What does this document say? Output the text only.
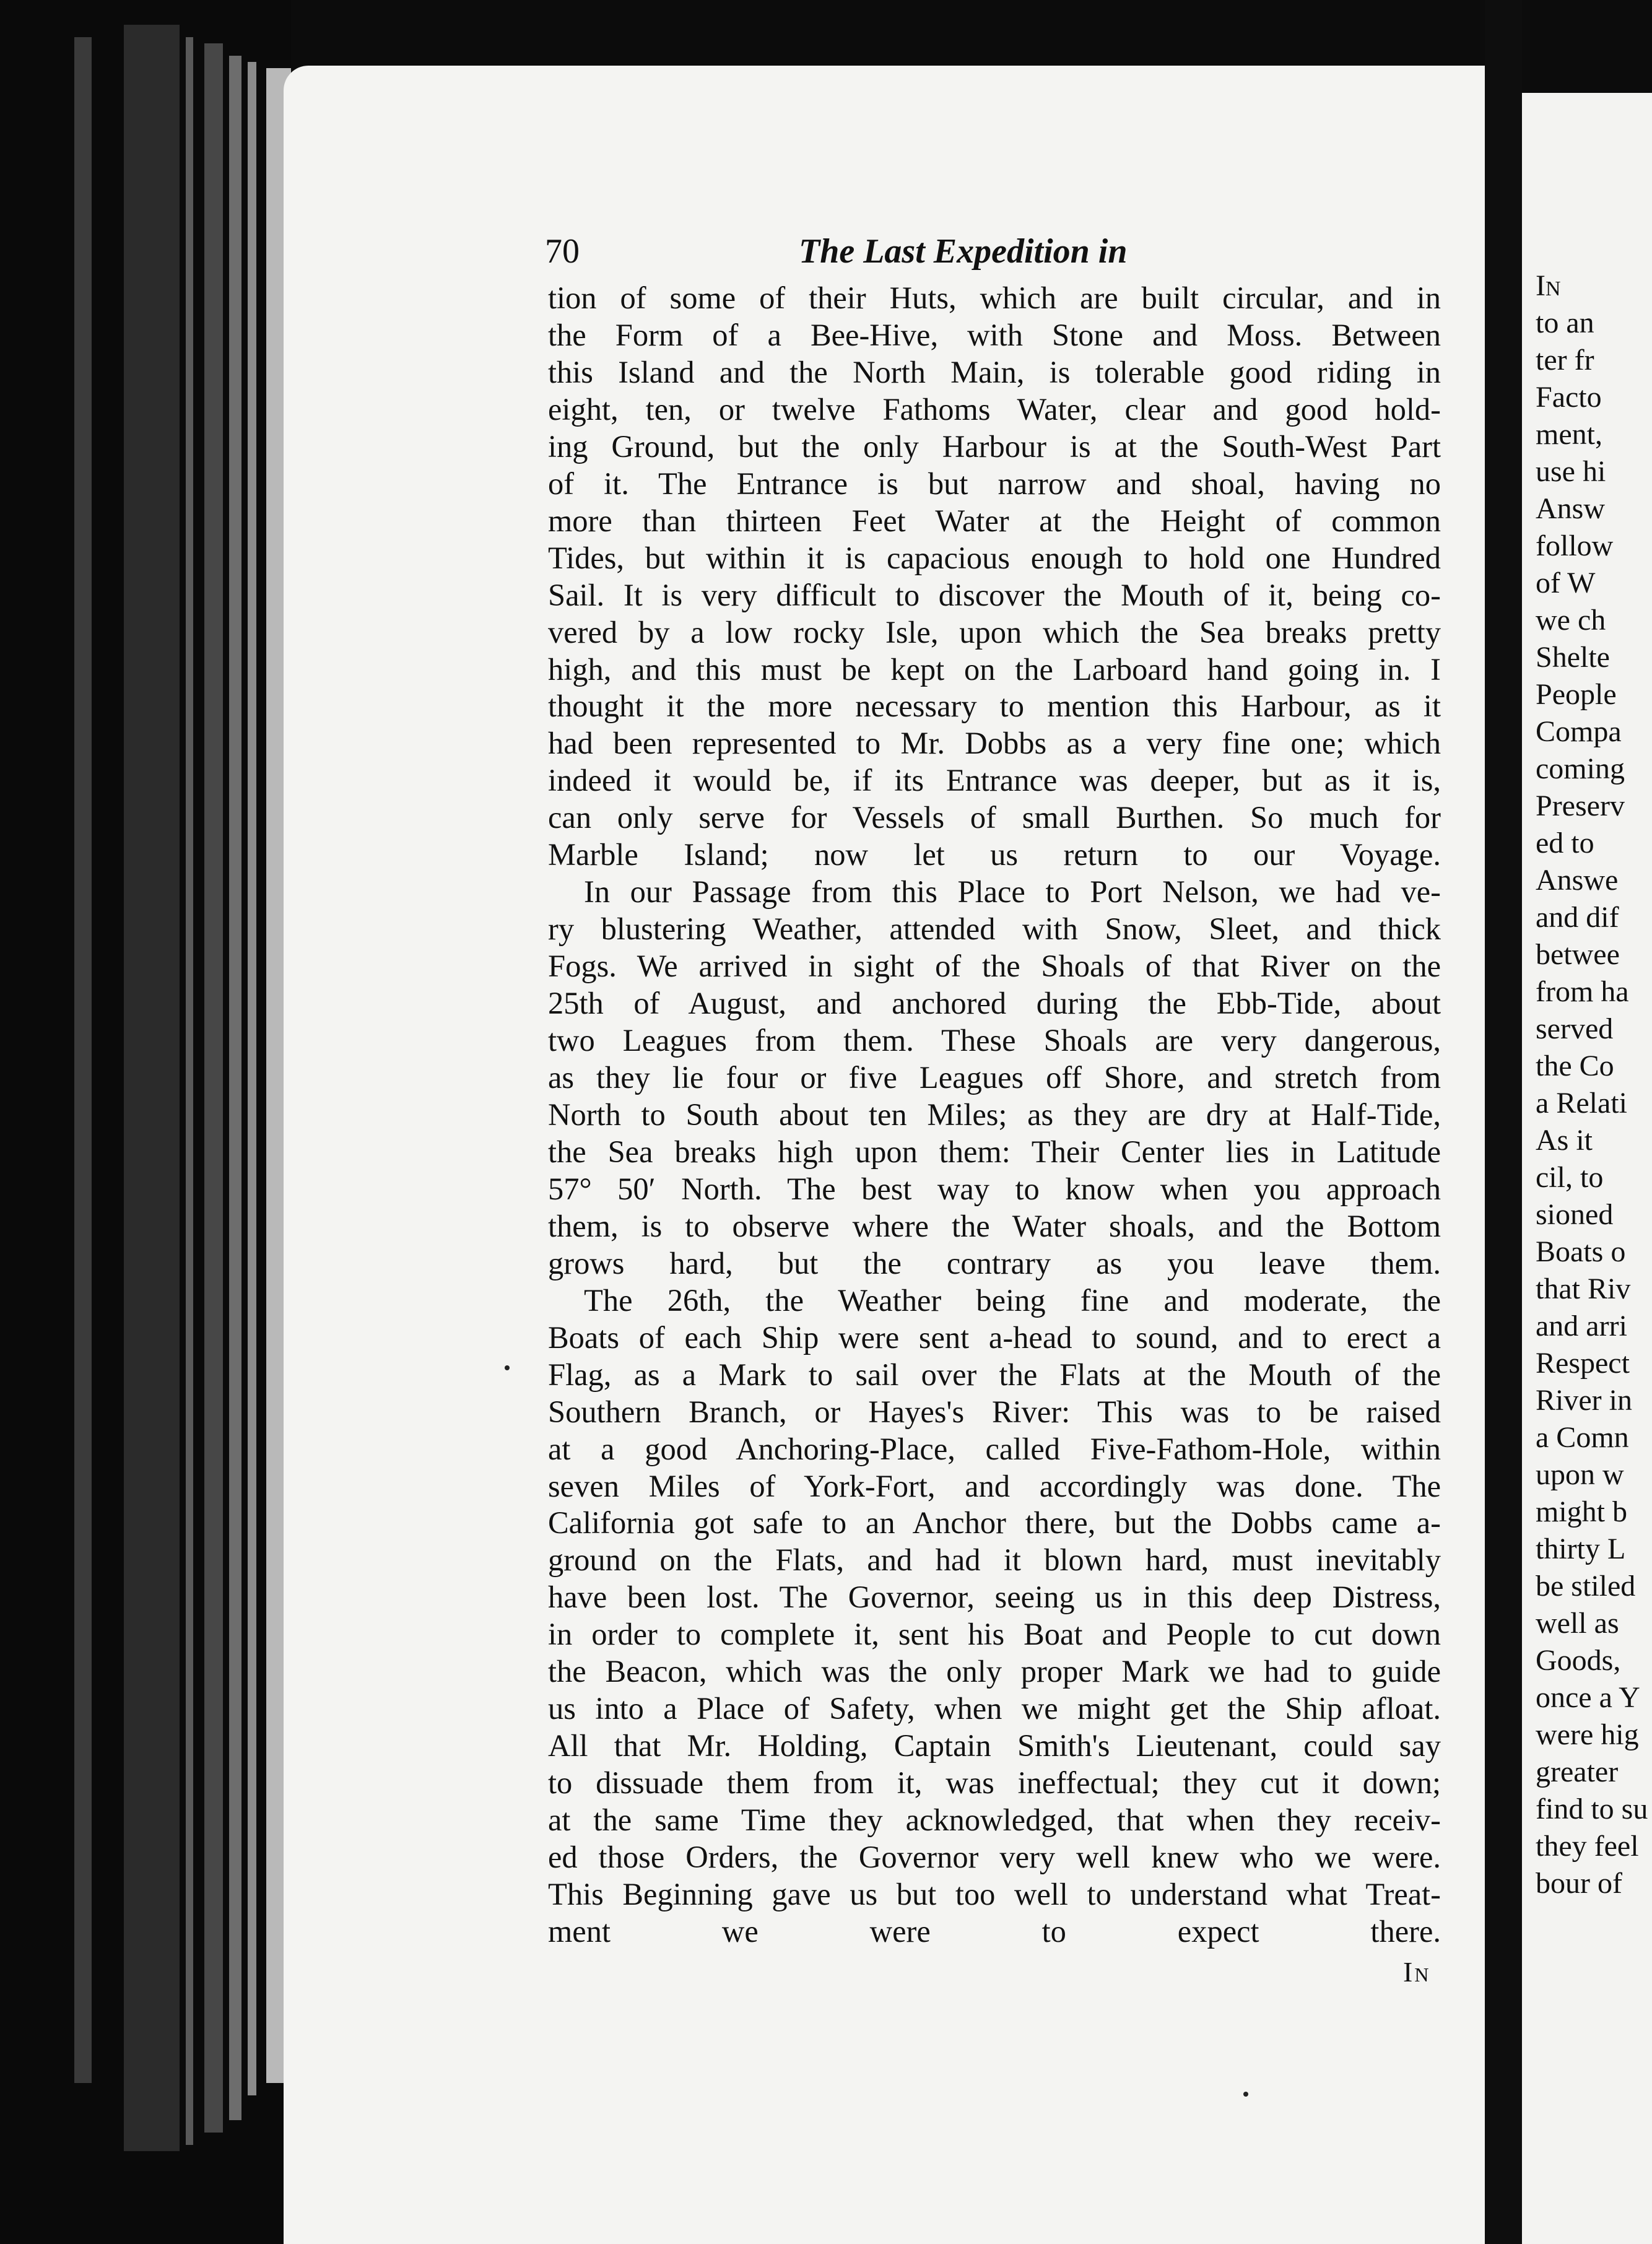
70	The Last Expedition in

tion of some of their Huts, which are built circular, and in
the Form of a Bee-Hive, with Stone and Moss. Between
this Island and the North Main, is tolerable good riding in
eight, ten, or twelve Fathoms Water, clear and good hold-
ing Ground, but the only Harbour is at the South-West Part
of it. The Entrance is but narrow and shoal, having no
more than thirteen Feet Water at the Height of common
Tides, but within it is capacious enough to hold one Hundred
Sail. It is very difficult to discover the Mouth of it, being co-
vered by a low rocky Isle, upon which the Sea breaks pretty
high, and this must be kept on the Larboard hand going in. I
thought it the more necessary to mention this Harbour, as it
had been represented to Mr. Dobbs as a very fine one; which
indeed it would be, if its Entrance was deeper, but as it is,
can only serve for Vessels of small Burthen. So much for
Marble Island; now let us return to our Voyage.

In our Passage from this Place to Port Nelson, we had ve-
ry blustering Weather, attended with Snow, Sleet, and thick
Fogs. We arrived in sight of the Shoals of that River on the
25th of August, and anchored during the Ebb-Tide, about
two Leagues from them. These Shoals are very dangerous,
as they lie four or five Leagues off Shore, and stretch from
North to South about ten Miles; as they are dry at Half-Tide,
the Sea breaks high upon them: Their Center lies in Latitude
57° 50′ North. The best way to know when you approach
them, is to observe where the Water shoals, and the Bottom
grows hard, but the contrary as you leave them.

The 26th, the Weather being fine and moderate, the
Boats of each Ship were sent a-head to sound, and to erect a
Flag, as a Mark to sail over the Flats at the Mouth of the
Southern Branch, or Hayes's River: This was to be raised
at a good Anchoring-Place, called Five-Fathom-Hole, within
seven Miles of York-Fort, and accordingly was done. The
California got safe to an Anchor there, but the Dobbs came a-
ground on the Flats, and had it blown hard, must inevitably
have been lost. The Governor, seeing us in this deep Distress,
in order to complete it, sent his Boat and People to cut down
the Beacon, which was the only proper Mark we had to guide
us into a Place of Safety, when we might get the Ship afloat.
All that Mr. Holding, Captain Smith's Lieutenant, could say
to dissuade them from it, was ineffectual; they cut it down;
at the same Time they acknowledged, that when they receiv-
ed those Orders, the Governor very well knew who we were.
This Beginning gave us but too well to understand what Treat-
ment we were to expect there.

In
In
to an
ter fr
Facto
ment,
use hi
Answ
follow
of W
we ch
Shelte
People
Compa
coming
Preserv
ed to
Answe
and dif
betwee
from ha
served
the Co
a Relati
As it
cil, to
sioned
Boats o
that Riv
and arri
Respect
River in
a Comn
upon w
might b
thirty L
be stiled
well as
Goods,
once a Y
were hig
greater
find to su
they feel
bour of
